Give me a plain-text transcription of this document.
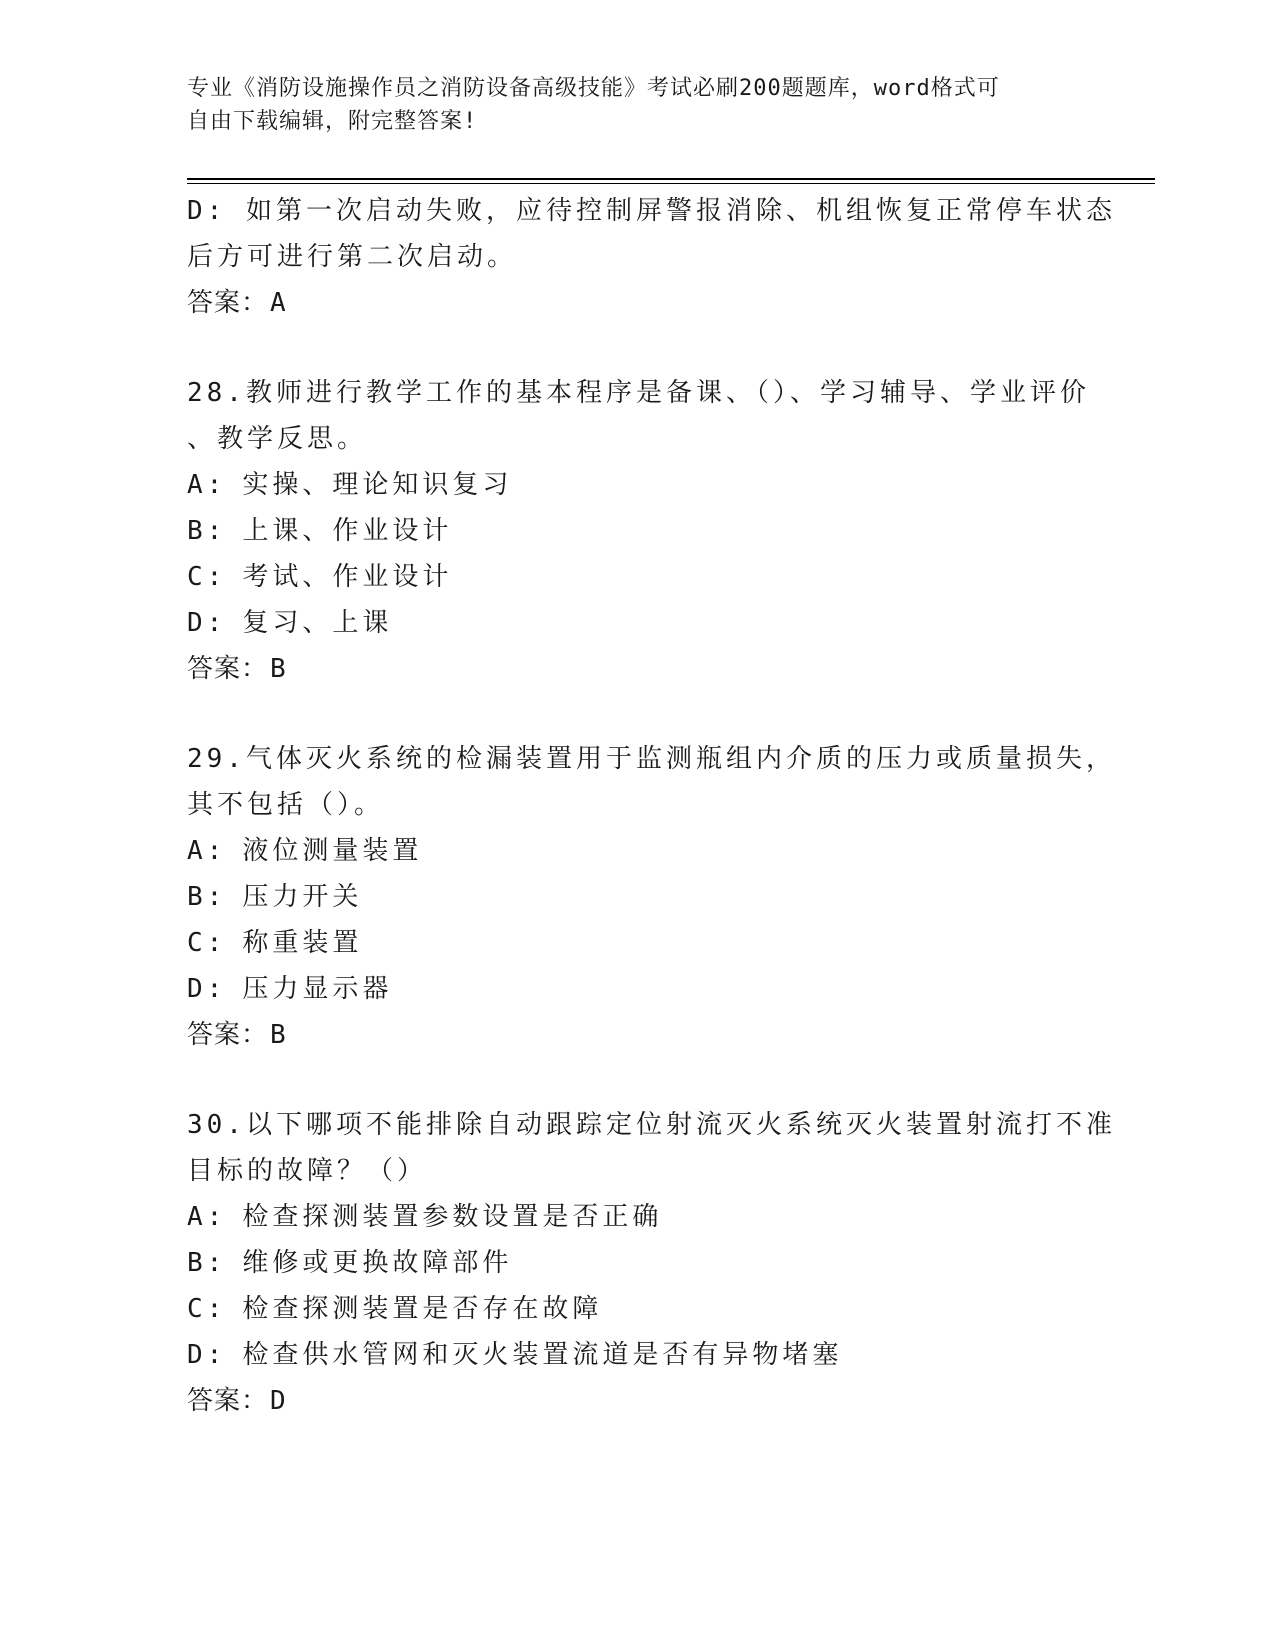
专业《消防设施操作员之消防设备高级技能》考试必刷200题题库，word格式可
自由下载编辑，附完整答案!
D: 如第一次启动失败，应待控制屏警报消除、机组恢复正常停车状态
后方可进行第二次启动。
答案：A
28.教师进行教学工作的基本程序是备课、（）、学习辅导、学业评价
、教学反思。
A : 实操、理论知识复习
B : 上课、作业设计
C : 考试、作业设计
D : 复习、上课
答案：B
29.气体灭火系统的检漏装置用于监测瓶组内介质的压力或质量损失，
其不包括（）。
A : 液位测量装置
B : 压力开关
C : 称重装置
D : 压力显示器
答案：B
30.以下哪项不能排除自动跟踪定位射流灭火系统灭火装置射流打不准
目标的故障？（）
A : 检查探测装置参数设置是否正确
B : 维修或更换故障部件
C : 检查探测装置是否存在故障
D : 检查供水管网和灭火装置流道是否有异物堵塞
答案：D
